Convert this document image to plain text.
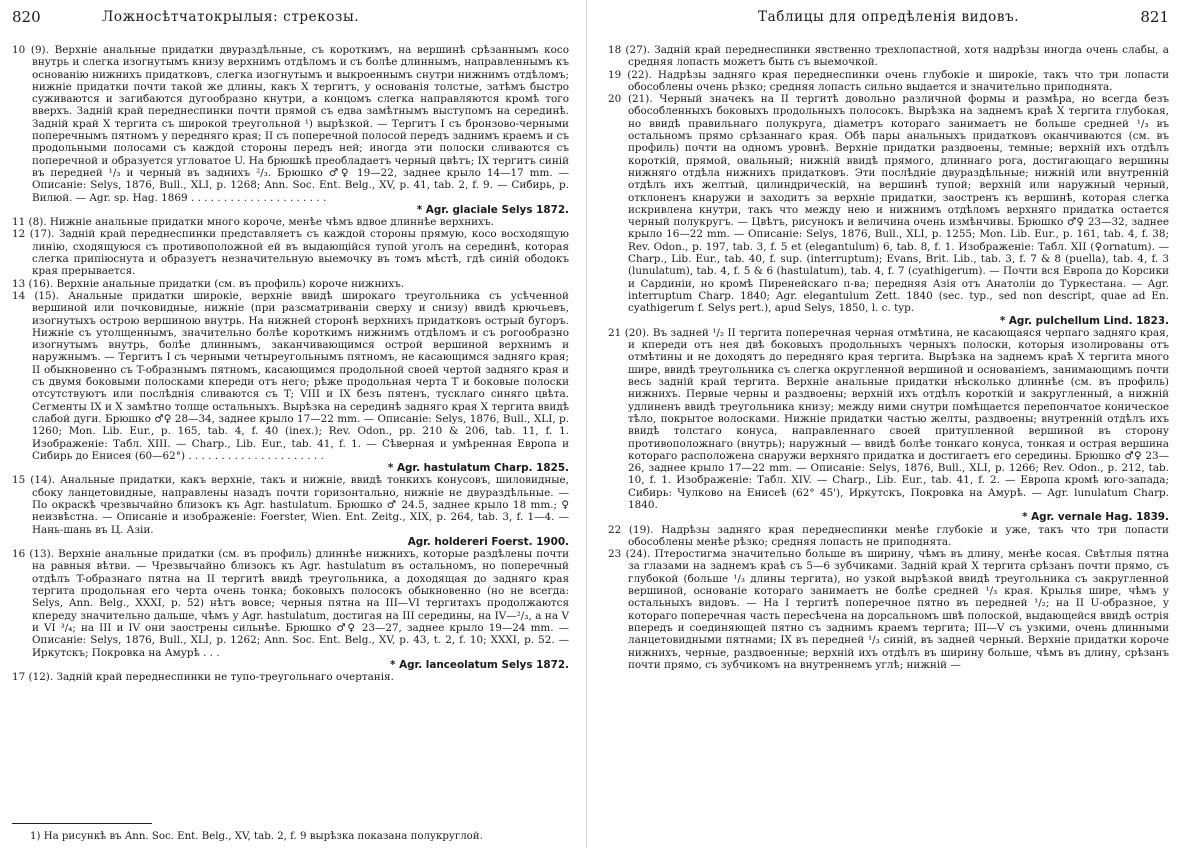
820	Ложносѣтчатокрылыя: стрекозы.

10 (9). Верхніе анальные придатки двураздѣльные, съ короткимъ, на вершинѣ срѣзаннымъ косо внутрь и слегка изогнутымъ книзу верхнимъ отдѣломъ и съ болѣе длиннымъ, направленнымъ къ основанію нижнихъ придатковъ, слегка изогнутымъ и выкроеннымъ снутри нижнимъ отдѣломъ; нижніе придатки почти такой же длины, какъ X тергитъ, у основанія толстые, затѣмъ быстро суживаются и загибаются дугообразно кнутри, а концомъ слегка направляются кромѣ того вверхъ. Задній край переднеспинки почти прямой съ едва замѣтнымъ выступомъ на серединѣ. Задній край X тергита съ широкой треугольной ¹) вырѣзкой. — Тергитъ I съ бронзово-черными поперечнымъ пятномъ у передняго края; II съ поперечной полосой передъ заднимъ краемъ и съ продольными полосами съ каждой стороны передъ ней; иногда эти полоски сливаются съ поперечной и образуется угловатое U. На брюшкѣ преобладаетъ черный цвѣтъ; IX тергитъ синій въ передней ¹/₃ и черный въ заднихъ ²/₃. Брюшко ♂♀ 19—22, заднее крыло 14—17 mm. — Описаніе: Selys, 1876, Bull., XLI, p. 1268; Ann. Soc. Ent. Belg., XV, p. 41, tab. 2, f. 9. — Сибирь, р. Вилюй. — Agr. sp. Hag. 1869 . . . . . . . . . . . . . . . . . . . . .
* Agr. glaciale Selys 1872.

11 (8). Нижніе анальные придатки много короче, менѣе чѣмъ вдвое длиннѣе верхнихъ.

12 (17). Задній край переднеспинки представляетъ съ каждой стороны прямую, косо восходящую линію, сходящуюся съ противоположной ей въ выдающійся тупой уголъ на серединѣ, которая слегка припіюснута и образуетъ незначительную выемочку въ томъ мѣстѣ, гдѣ синій ободокъ края прерывается.

13 (16). Верхніе анальные придатки (см. въ профиль) короче нижнихъ.

14 (15). Анальные придатки широкіе, верхніе ввидѣ широкаго треугольника съ усѣченной вершиной или почковидные, нижніе (при разсматриваніи сверху и снизу) ввидѣ крючьевъ, изогнутыхъ острою вершиною внутрь. На нижней сторонѣ верхнихъ придатковъ острый бугоръ. Нижніе съ утолщеннымъ, значительно болѣе короткимъ нижнимъ отдѣломъ и съ рогообразно изогнутымъ внутрь, болѣе длиннымъ, заканчивающимся острой вершиной верхнимъ и наружнымъ. — Тергитъ I съ черными четыреугольнымъ пятномъ, не касающимся задняго края; II обыкновенно съ T-образнымъ пятномъ, касающимся продольной своей чертой задняго края и съ двумя боковыми полосками кпереди отъ него; рѣже продольная черта T и боковые полоски отсутствуютъ или послѣднія сливаются съ T; VIII и IX безъ пятенъ, тусклаго синяго цвѣта. Сегменты IX и X замѣтно толще остальныхъ. Вырѣзка на серединѣ задняго края X тергита ввидѣ слабой дуги. Брюшко ♂♀ 28—34, заднее крыло 17—22 mm. — Описаніе: Selys, 1876, Bull., XLI, p. 1260; Mon. Lib. Eur., p. 165, tab. 4, f. 40 (inex.); Rev. Odon., pp. 210 & 206, tab. 11, f. 1. Изображеніе: Табл. XIII. — Charp., Lib. Eur., tab. 41, f. 1. — Сѣверная и умѣренная Европа и Сибирь до Енисея (60—62°) . . . . . . . . . . . . . . . . . . . . .
* Agr. hastulatum Charp. 1825.

15 (14). Анальные придатки, какъ верхніе, такъ и нижніе, ввидѣ тонкихъ конусовъ, шиловидные, сбоку ланцетовидные, направлены назадъ почти горизонтально, нижніе не двураздѣльные. — По окраскѣ чрезвычайно близокъ къ Agr. hastulatum. Брюшко ♂ 24.5, заднее крыло 18 mm.; ♀ неизвѣстна. — Описаніе и изображеніе: Foerster, Wien. Ent. Zeitg., XIX, p. 264, tab. 3, f. 1—4. — Нань-шань въ Ц. Азіи.
Agr. holdereri Foerst. 1900.

16 (13). Верхніе анальные придатки (см. въ профиль) длиннѣе нижнихъ, которые раздѣлены почти на равныя вѣтви. — Чрезвычайно близокъ къ Agr. hastulatum въ остальномъ, но поперечный отдѣлъ T-образнаго пятна на II тергитѣ ввидѣ треугольника, а доходящая до задняго края тергита продольная его черта очень тонка; боковыхъ полосокъ обыкновенно (но не всегда: Selys, Ann. Belg., XXXI, p. 52) нѣтъ вовсе; черныя пятна на III—VI тергитахъ продолжаются кпереду значительно дальше, чѣмъ у Agr. hastulatum, достигая на III середины, на IV—²/₃, а на V и VI ³/₄; на III и IV они заострены сильнѣе. Брюшко ♂♀ 23—27, заднее крыло 19—24 mm. — Описаніе: Selys, 1876, Bull., XLI, p. 1262; Ann. Soc. Ent. Belg., XV, p. 43, t. 2, f. 10; XXXI, p. 52. — Иркутскъ; Покровка на Амурѣ . . .
* Agr. lanceolatum Selys 1872.

17 (12). Задній край переднеспинки не тупо-треугольнаго очертанія.

1) На рисункѣ въ Ann. Soc. Ent. Belg., XV, tab. 2, f. 9 вырѣзка показана полукруглой.
Таблицы для опредѣленія видовъ.	821

18 (27). Задній край переднеспинки явственно трехлопастной, хотя надрѣзы иногда очень слабы, а средняя лопасть можетъ быть съ выемочкой.

19 (22). Надрѣзы задняго края переднеспинки очень глубокіе и широкіе, такъ что три лопасти обособлены очень рѣзко; средняя лопасть сильно выдается и значительно приподнята.

20 (21). Черный значекъ на II тергитѣ довольно различной формы и размѣра, но всегда безъ обособленныхъ боковыхъ продольныхъ полосокъ. Вырѣзка на заднемъ краѣ X тергита глубокая, но ввидѣ правильнаго полукруга, діаметръ котораго занимаетъ не больше средней ¹/₃ въ остальномъ прямо срѣзаннаго края. Обѣ пары анальныхъ придатковъ оканчиваются (см. въ профиль) почти на одномъ уровнѣ. Верхніе придатки раздвоены, темные; верхній ихъ отдѣлъ короткій, прямой, овальный; нижній ввидѣ прямого, длиннаго рога, достигающаго вершины нижняго отдѣла нижнихъ придатковъ. Эти послѣдніе двураздѣльные; нижній или внутренній отдѣлъ ихъ желтый, цилиндрическій, на вершинѣ тупой; верхній или наружный черный, отклоненъ кнаружи и заходитъ за верхніе придатки, заостренъ къ вершинѣ, которая слегка искривлена кнутри, такъ что между нею и нижнимъ отдѣломъ верхняго придатка остается черный полукругъ. — Цвѣтъ, рисунокъ и величина очень измѣнчивы. Брюшко ♂♀ 23—32, заднее крыло 16—22 mm. — Описаніе: Selys, 1876, Bull., XLI, p. 1255; Mon. Lib. Eur., p. 161, tab. 4, f. 38; Rev. Odon., p. 197, tab. 3, f. 5 et (elegantulum) 6, tab. 8, f. 1. Изображеніе: Табл. XII (♀ornatum). — Charp., Lib. Eur., tab. 40, f. sup. (interruptum); Evans, Brit. Lib., tab. 3, f. 7 & 8 (puella), tab. 4, f. 3 (lunulatum), tab. 4, f. 5 & 6 (hastulatum), tab. 4, f. 7 (cyathigerum). — Почти вся Европа до Корсики и Сардиніи, но кромѣ Пиренейскаго п-ва; передняя Азія отъ Анатоліи до Туркестана. — Agr. interruptum Charp. 1840; Agr. elegantulum Zett. 1840 (sec. typ., sed non descript, quae ad En. cyathigerum f. Selys pert.), apud Selys, 1850, l. c. typ.
* Agr. pulchellum Lind. 1823.

21 (20). Въ задней ¹/₂ II тергита поперечная черная отмѣтина, не касающаяся черпаго задняго края, и кпереди отъ нея двѣ боковыхъ продольныхъ черныхъ полоски, которыя изолированы отъ отмѣтины и не доходятъ до передняго края тергита. Вырѣзка на заднемъ краѣ X тергита много шире, ввидѣ треугольника съ слегка округленной вершиной и основаніемъ, занимающимъ почти весь задній край тергита. Верхніе анальные придатки нѣсколько длиннѣе (см. въ профиль) нижнихъ. Первые черны и раздвоены; верхній ихъ отдѣлъ короткій и закругленный, а нижній удлиненъ ввидѣ треугольника книзу; между ними снутри помѣщается перепончатое коническое тѣло, покрытое волосками. Нижніе придатки частью желты, раздвоены; внутренній отдѣлъ ихъ ввидѣ толстаго конуса, направленнаго своей притупленной вершиной въ сторону противоположнаго (внутрь); наружный — ввидѣ болѣе тонкаго конуса, тонкая и острая вершина котораго расположена снаружи верхняго придатка и достигаетъ его середины. Брюшко ♂♀ 23—26, заднее крыло 17—22 mm. — Описаніе: Selys, 1876, Bull., XLI, p. 1266; Rev. Odon., p. 212, tab. 10, f. 1. Изображеніе: Табл. XIV. — Charp., Lib. Eur., tab. 41, f. 2. — Европа кромѣ юго-запада; Сибирь: Чулково на Енисеѣ (62° 45'), Иркутскъ, Покровка на Амурѣ. — Agr. lunulatum Charp. 1840.
* Agr. vernale Hag. 1839.

22 (19). Надрѣзы задняго края переднеспинки менѣе глубокіе и уже, такъ что три лопасти обособлены менѣе рѣзко; средняя лопасть не приподнята.

23 (24). Птеростигма значительно больше въ ширину, чѣмъ въ длину, менѣе косая. Свѣтлыя пятна за глазами на заднемъ краѣ съ 5—6 зубчиками. Задній край X тергита срѣзанъ почти прямо, съ глубокой (больше ¹/₃ длины тергита), но узкой вырѣзкой ввидѣ треугольника съ закругленной вершиной, основаніе котораго занимаетъ не болѣе средней ¹/₃ края. Крылья шире, чѣмъ у остальныхъ видовъ. — На I тергитѣ поперечное пятно въ передней ¹/₂; на II U-образное, у котораго поперечная часть пересѣчена на дорсальномъ швѣ полоской, выдающейся ввидѣ острія впередъ и соединяющей пятно съ заднимъ краемъ тергита; III—V съ узкими, очень длинными ланцетовидными пятнами; IX въ передней ¹/₃ синій, въ задней черный. Верхніе придатки короче нижнихъ, черные, раздвоенные; верхній ихъ отдѣлъ въ ширину больше, чѣмъ въ длину, срѣзанъ почти прямо, съ зубчикомъ на внутреннемъ углѣ; нижній —
